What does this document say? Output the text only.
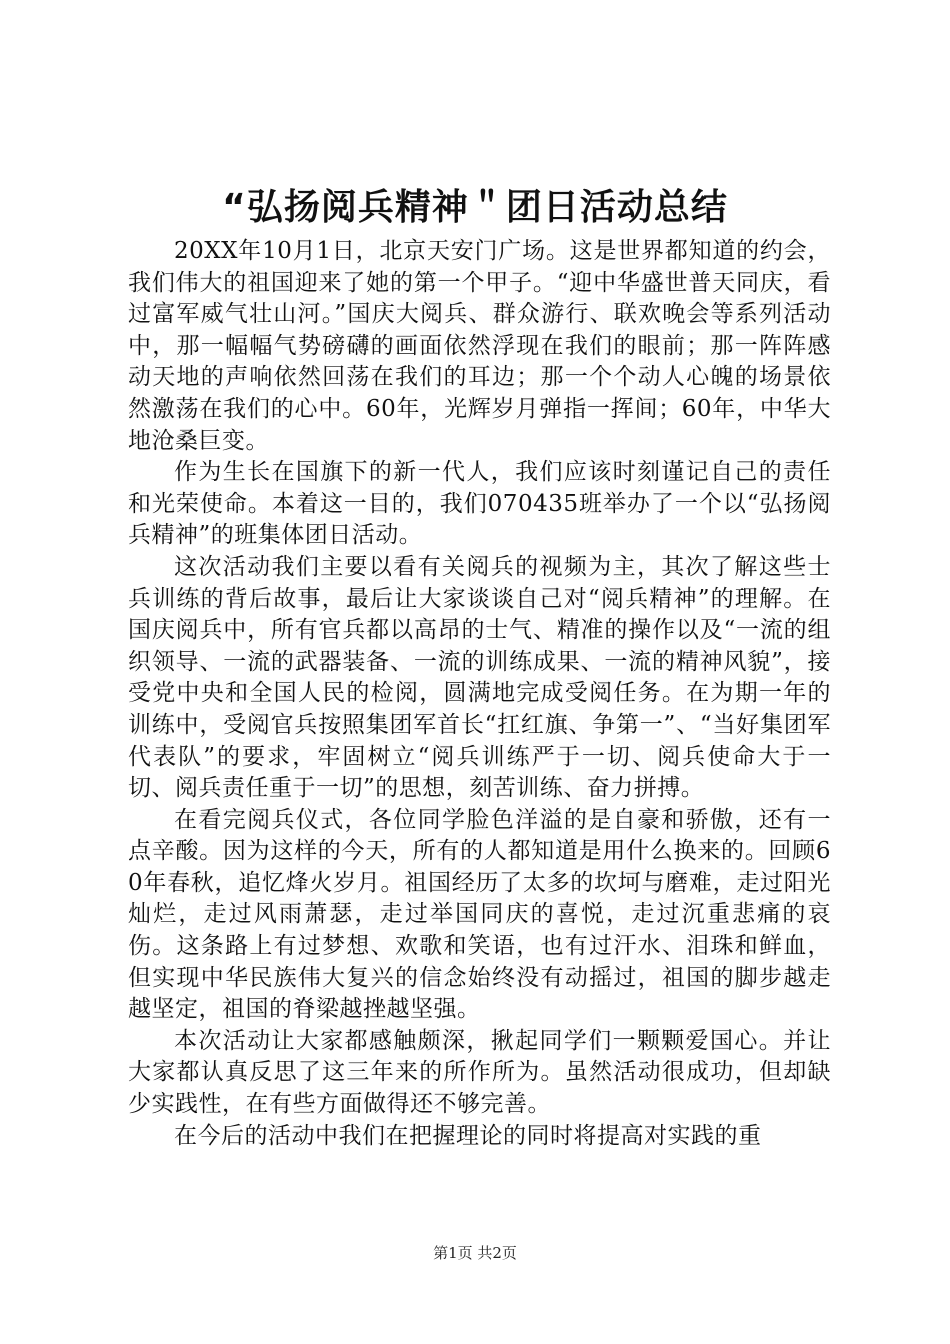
“弘扬阅兵精神＂团日活动总结

20XX年10月1日，北京天安门广场。这是世界都知道的约会，我们伟大的祖国迎来了她的第一个甲子。“迎中华盛世普天同庆，看过富军威气壮山河。”国庆大阅兵、群众游行、联欢晚会等系列活动中，那一幅幅气势磅礴的画面依然浮现在我们的眼前；那一阵阵感动天地的声响依然回荡在我们的耳边；那一个个动人心魄的场景依然激荡在我们的心中。60年，光辉岁月弹指一挥间；60年，中华大地沧桑巨变。

作为生长在国旗下的新一代人，我们应该时刻谨记自己的责任和光荣使命。本着这一目的，我们070435班举办了一个以“弘扬阅兵精神”的班集体团日活动。

这次活动我们主要以看有关阅兵的视频为主，其次了解这些士兵训练的背后故事，最后让大家谈谈自己对“阅兵精神”的理解。在国庆阅兵中，所有官兵都以高昂的士气、精准的操作以及“一流的组织领导、一流的武器装备、一流的训练成果、一流的精神风貌”，接受党中央和全国人民的检阅，圆满地完成受阅任务。在为期一年的训练中，受阅官兵按照集团军首长“扛红旗、争第一”、“当好集团军代表队”的要求，牢固树立“阅兵训练严于一切、阅兵使命大于一切、阅兵责任重于一切”的思想，刻苦训练、奋力拼搏。

在看完阅兵仪式，各位同学脸色洋溢的是自豪和骄傲，还有一点辛酸。因为这样的今天，所有的人都知道是用什么换来的。回顾60年春秋，追忆烽火岁月。祖国经历了太多的坎坷与磨难，走过阳光灿烂，走过风雨萧瑟，走过举国同庆的喜悦，走过沉重悲痛的哀伤。这条路上有过梦想、欢歌和笑语，也有过汗水、泪珠和鲜血，但实现中华民族伟大复兴的信念始终没有动摇过，祖国的脚步越走越坚定，祖国的脊梁越挫越坚强。

本次活动让大家都感触颇深，揪起同学们一颗颗爱国心。并让大家都认真反思了这三年来的所作所为。虽然活动很成功，但却缺少实践性，在有些方面做得还不够完善。

在今后的活动中我们在把握理论的同时将提高对实践的重

第1页 共2页
